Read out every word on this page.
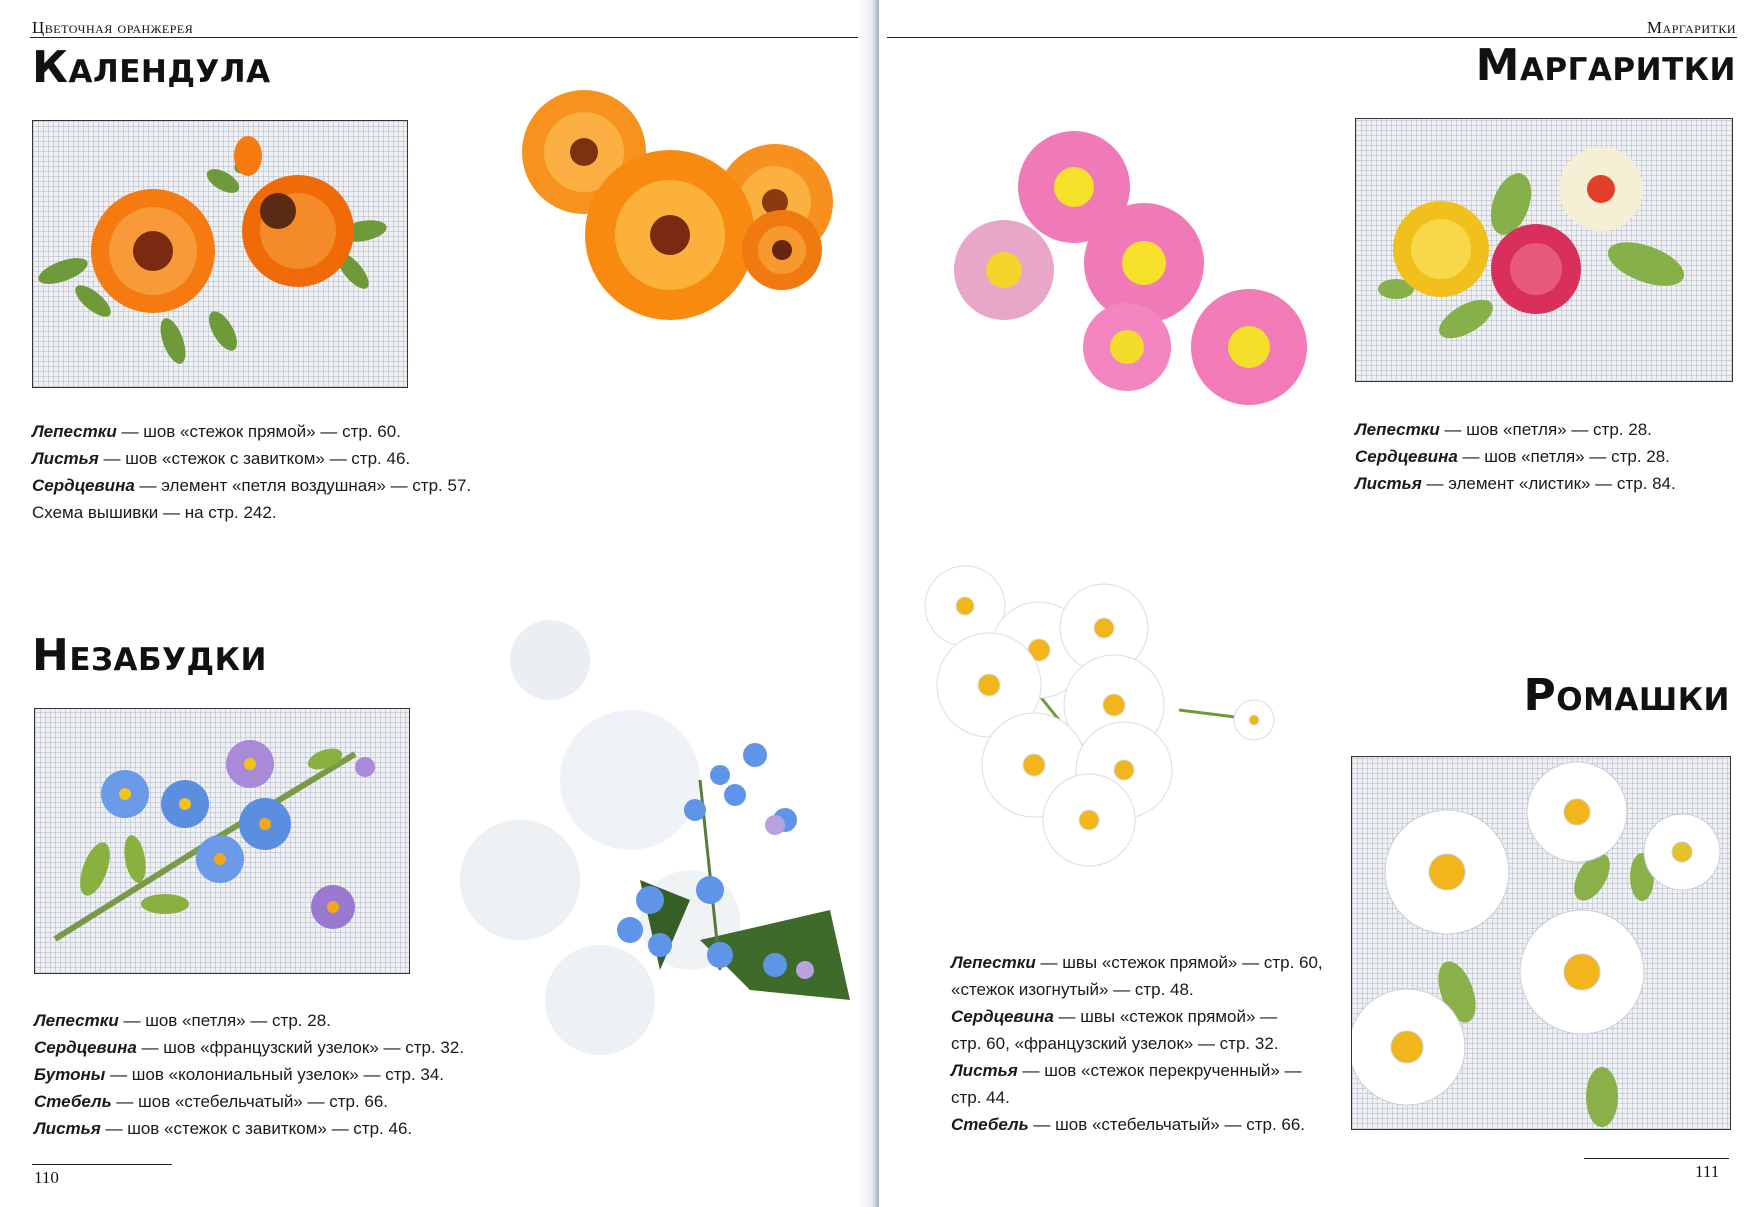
Цветочная оранжерея
Календула
Лепестки — шов «стежок прямой» — стр. 60.
Листья — шов «стежок с завитком» — стр. 46.
Сердцевина — элемент «петля воздушная» — стр. 57.
Схема вышивки — на стр. 242.
Незабудки
Лепестки — шов «петля» — стр. 28.
Сердцевина — шов «французский узелок» — стр. 32.
Бутоны — шов «колониальный узелок» — стр. 34.
Стебель — шов «стебельчатый» — стр. 66.
Листья — шов «стежок с завитком» — стр. 46.
110
Маргаритки
Маргаритки
Лепестки — шов «петля» — стр. 28.
Сердцевина — шов «петля» — стр. 28.
Листья — элемент «листик» — стр. 84.
Ромашки
Лепестки — швы «стежок прямой» — стр. 60,
«стежок изогнутый» — стр. 48.
Сердцевина — швы «стежок прямой» —
стр. 60, «французский узелок» — стр. 32.
Листья — шов «стежок перекрученный» —
стр. 44.
Стебель — шов «стебельчатый» — стр. 66.
111
